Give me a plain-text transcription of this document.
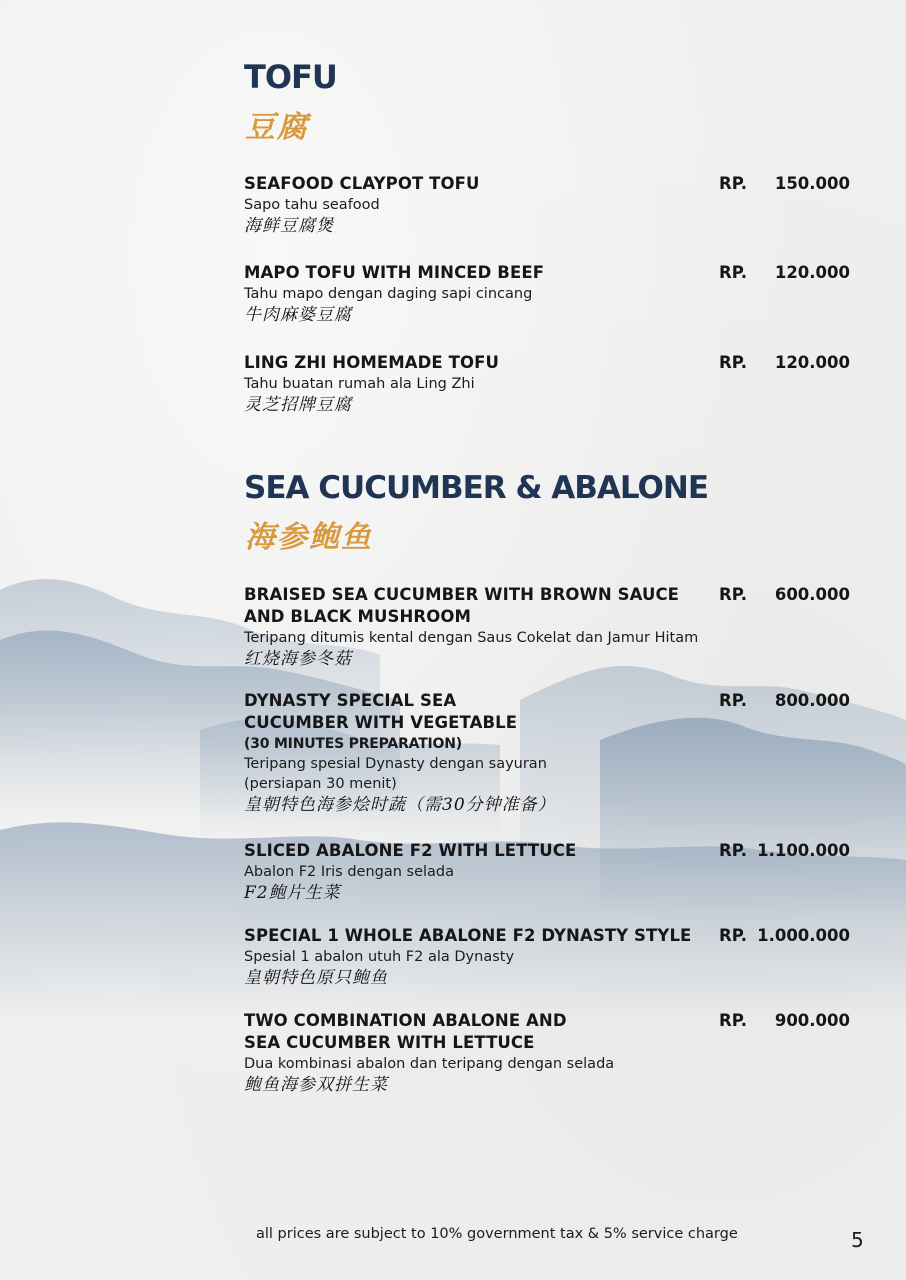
TOFU
豆腐
SEAFOOD CLAYPOT TOFU
Sapo tahu seafood
海鲜豆腐煲
RP. 150.000
MAPO TOFU WITH MINCED BEEF
Tahu mapo dengan daging sapi cincang
牛肉麻婆豆腐
RP. 120.000
LING ZHI HOMEMADE TOFU
Tahu buatan rumah ala Ling Zhi
灵芝招牌豆腐
RP. 120.000
SEA CUCUMBER & ABALONE
海参鲍鱼
BRAISED SEA CUCUMBER WITH BROWN SAUCE AND BLACK MUSHROOM
Teripang ditumis kental dengan Saus Cokelat dan Jamur Hitam
红烧海参冬菇
RP. 600.000
DYNASTY SPECIAL SEA CUCUMBER WITH VEGETABLE
(30 MINUTES PREPARATION)
Teripang spesial Dynasty dengan sayuran (persiapan 30 menit)
皇朝特色海参烩时蔬（需30分钟准备）
RP. 800.000
SLICED ABALONE F2 WITH LETTUCE
Abalon F2 Iris dengan selada
F2鲍片生菜
RP. 1.100.000
SPECIAL 1 WHOLE ABALONE F2 DYNASTY STYLE
Spesial 1 abalon utuh F2 ala Dynasty
皇朝特色原只鲍鱼
RP. 1.000.000
TWO COMBINATION ABALONE AND SEA CUCUMBER WITH LETTUCE
Dua kombinasi abalon dan teripang dengan selada
鲍鱼海参双拼生菜
RP. 900.000
all prices are subject to 10% government tax & 5% service charge	5
